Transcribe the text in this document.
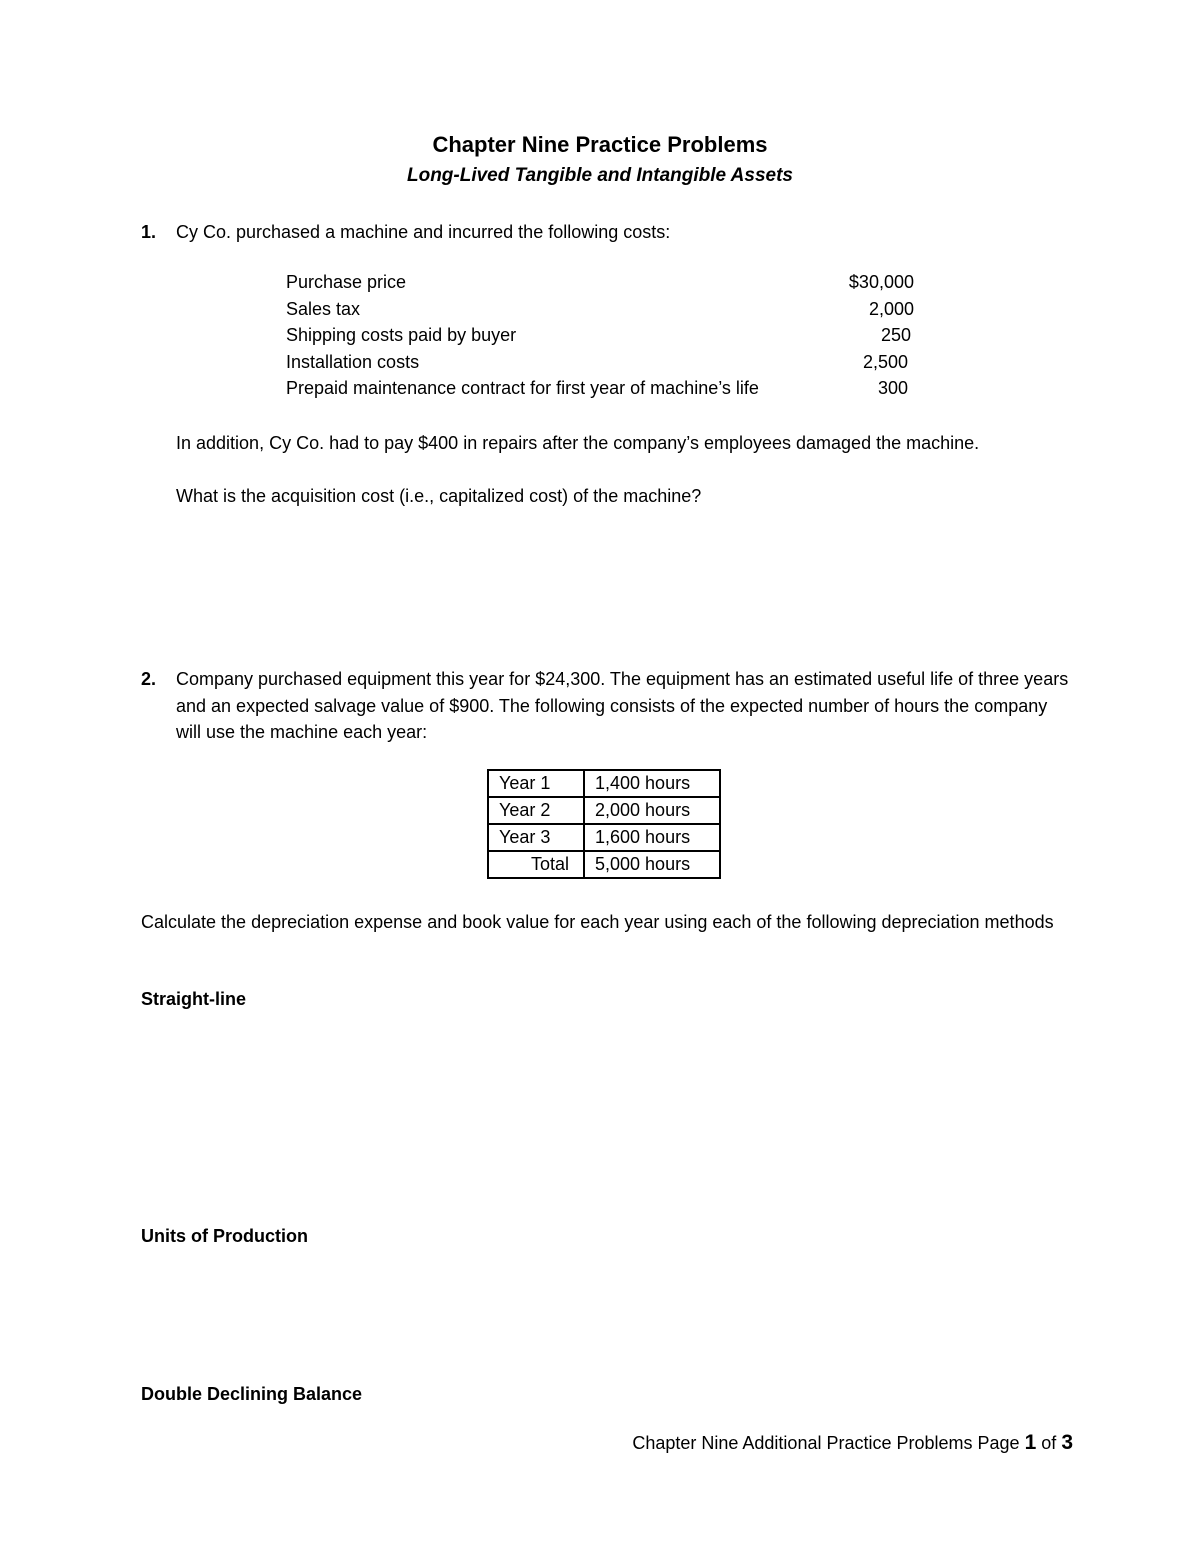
Chapter Nine Practice Problems
Long-Lived Tangible and Intangible Assets
1. Cy Co. purchased a machine and incurred the following costs:
Purchase price	$30,000
Sales tax	2,000
Shipping costs paid by buyer	250
Installation costs	2,500
Prepaid maintenance contract for first year of machine’s life	300
In addition, Cy Co. had to pay $400 in repairs after the company’s employees damaged the machine.
What is the acquisition cost (i.e., capitalized cost) of the machine?
2. Company purchased equipment this year for $24,300. The equipment has an estimated useful life of three years and an expected salvage value of $900. The following consists of the expected number of hours the company will use the machine each year:
Year 1	1,400 hours
Year 2	2,000 hours
Year 3	1,600 hours
Total	5,000 hours
Calculate the depreciation expense and book value for each year using each of the following depreciation methods
Straight-line
Units of Production
Double Declining Balance
Chapter Nine Additional Practice Problems Page 1 of 3
